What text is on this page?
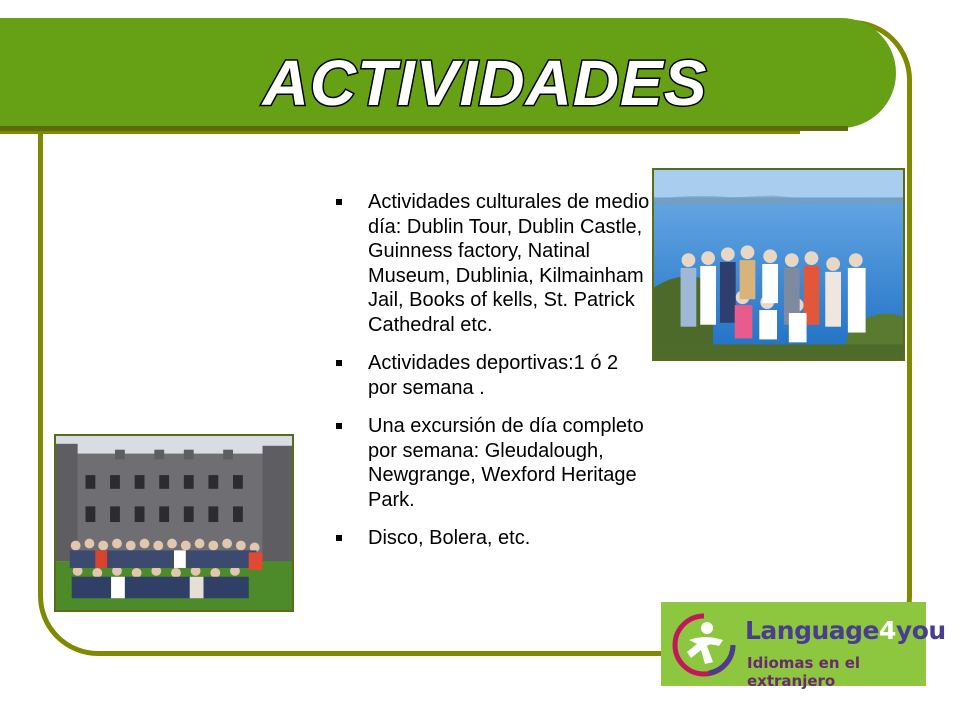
ACTIVIDADES
Actividades culturales de medio día: Dublin Tour, Dublin Castle, Guinness factory, Natinal Museum, Dublinia, Kilmainham Jail, Books of kells, St. Patrick Cathedral etc.
Actividades deportivas:1 ó 2 por semana .
Una excursión de día completo por semana: Gleudalough, Newgrange, Wexford Heritage Park.
Disco, Bolera, etc.
Language4you
Idiomas en el extranjero
